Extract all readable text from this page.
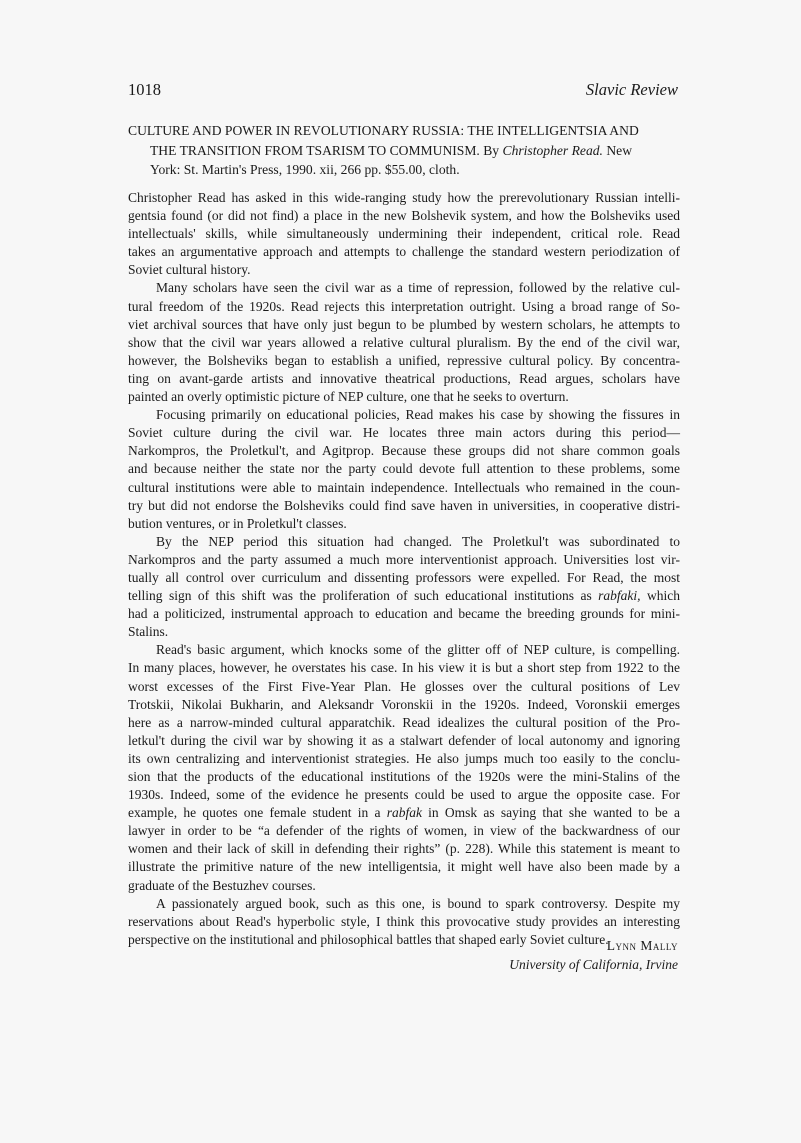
1018	Slavic Review
CULTURE AND POWER IN REVOLUTIONARY RUSSIA: THE INTELLIGENTSIA AND
THE TRANSITION FROM TSARISM TO COMMUNISM. By Christopher Read. New
York: St. Martin's Press, 1990. xii, 266 pp. $55.00, cloth.
Christopher Read has asked in this wide-ranging study how the prerevolutionary Russian intelli-
gentsia found (or did not find) a place in the new Bolshevik system, and how the Bolsheviks used
intellectuals' skills, while simultaneously undermining their independent, critical role. Read
takes an argumentative approach and attempts to challenge the standard western periodization of
Soviet cultural history.
Many scholars have seen the civil war as a time of repression, followed by the relative cul-
tural freedom of the 1920s. Read rejects this interpretation outright. Using a broad range of So-
viet archival sources that have only just begun to be plumbed by western scholars, he attempts to
show that the civil war years allowed a relative cultural pluralism. By the end of the civil war,
however, the Bolsheviks began to establish a unified, repressive cultural policy. By concentra-
ting on avant-garde artists and innovative theatrical productions, Read argues, scholars have
painted an overly optimistic picture of NEP culture, one that he seeks to overturn.
Focusing primarily on educational policies, Read makes his case by showing the fissures in
Soviet culture during the civil war. He locates three main actors during this period—
Narkompros, the Proletkul't, and Agitprop. Because these groups did not share common goals
and because neither the state nor the party could devote full attention to these problems, some
cultural institutions were able to maintain independence. Intellectuals who remained in the coun-
try but did not endorse the Bolsheviks could find save haven in universities, in cooperative distri-
bution ventures, or in Proletkul't classes.
By the NEP period this situation had changed. The Proletkul't was subordinated to
Narkompros and the party assumed a much more interventionist approach. Universities lost vir-
tually all control over curriculum and dissenting professors were expelled. For Read, the most
telling sign of this shift was the proliferation of such educational institutions as rabfaki, which
had a politicized, instrumental approach to education and became the breeding grounds for mini-
Stalins.
Read's basic argument, which knocks some of the glitter off of NEP culture, is compelling.
In many places, however, he overstates his case. In his view it is but a short step from 1922 to the
worst excesses of the First Five-Year Plan. He glosses over the cultural positions of Lev
Trotskii, Nikolai Bukharin, and Aleksandr Voronskii in the 1920s. Indeed, Voronskii emerges
here as a narrow-minded cultural apparatchik. Read idealizes the cultural position of the Pro-
letkul't during the civil war by showing it as a stalwart defender of local autonomy and ignoring
its own centralizing and interventionist strategies. He also jumps much too easily to the conclu-
sion that the products of the educational institutions of the 1920s were the mini-Stalins of the
1930s. Indeed, some of the evidence he presents could be used to argue the opposite case. For
example, he quotes one female student in a rabfak in Omsk as saying that she wanted to be a
lawyer in order to be “a defender of the rights of women, in view of the backwardness of our
women and their lack of skill in defending their rights” (p. 228). While this statement is meant to
illustrate the primitive nature of the new intelligentsia, it might well have also been made by a
graduate of the Bestuzhev courses.
A passionately argued book, such as this one, is bound to spark controversy. Despite my
reservations about Read's hyperbolic style, I think this provocative study provides an interesting
perspective on the institutional and philosophical battles that shaped early Soviet culture.
Lynn Mally
University of California, Irvine
